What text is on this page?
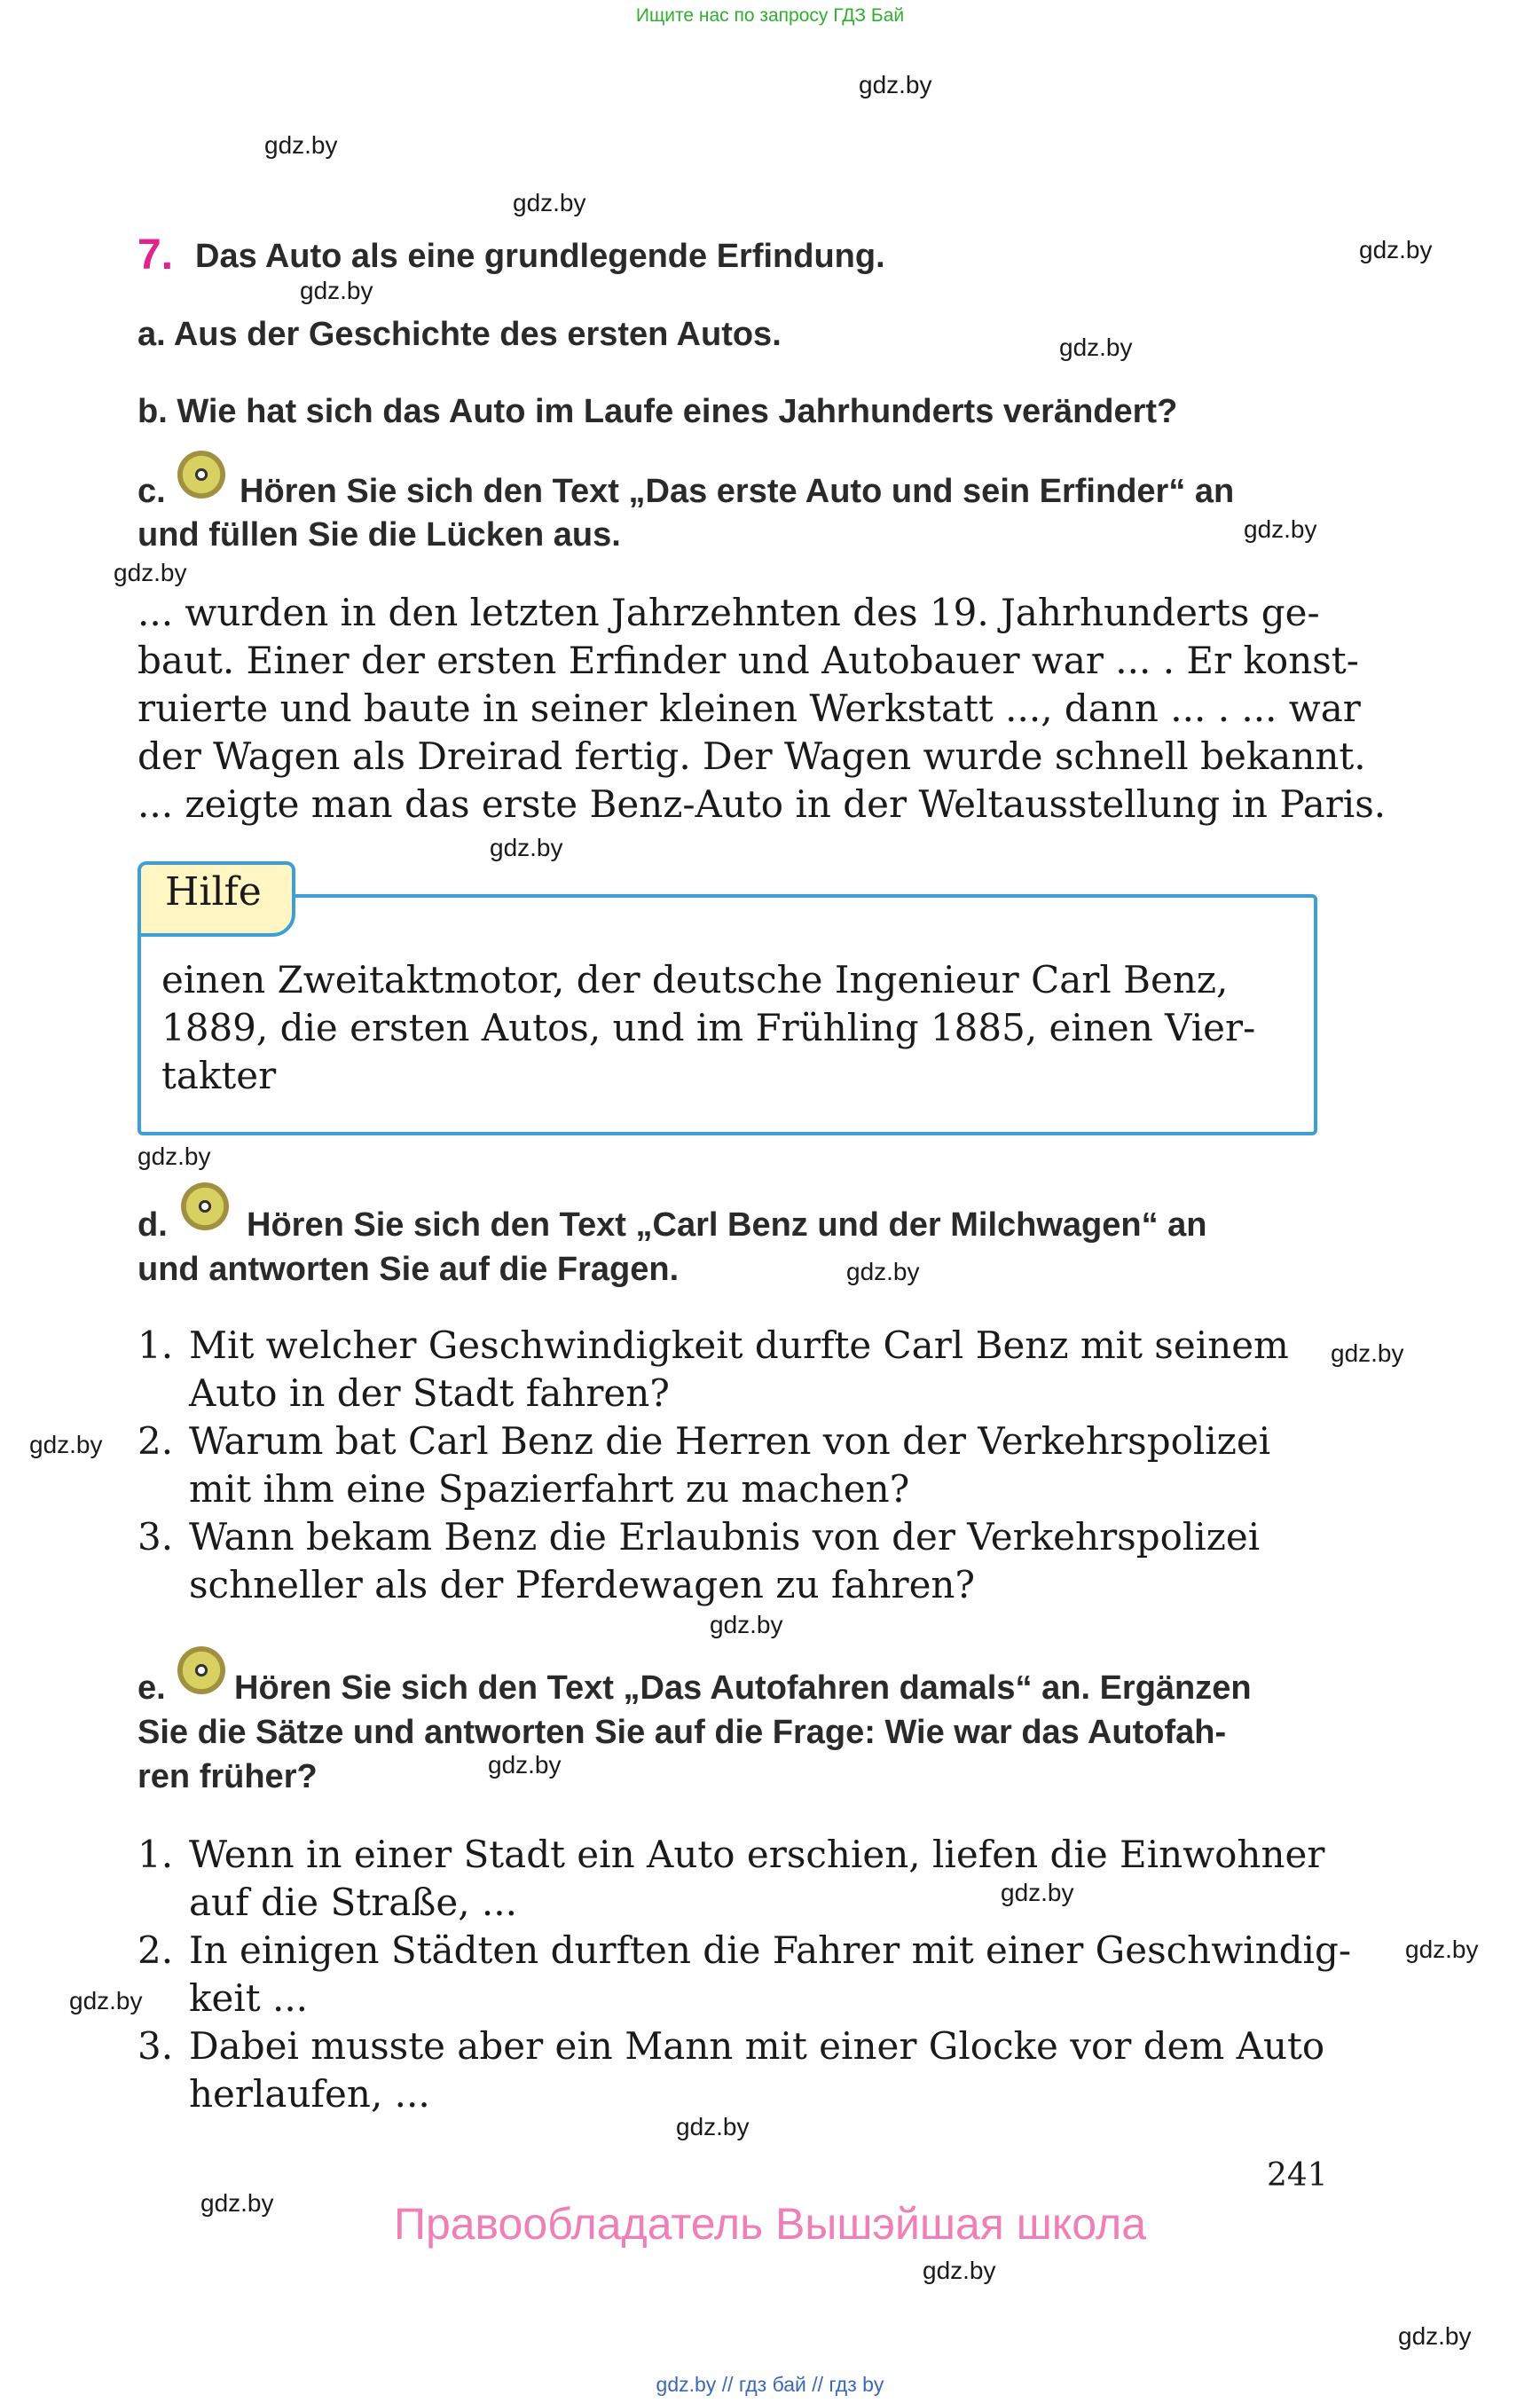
Ищите нас по запросу ГДЗ Бай
gdz.by
gdz.by
gdz.by
gdz.by
gdz.by
gdz.by
gdz.by
gdz.by
gdz.by
gdz.by
gdz.by
gdz.by
gdz.by
gdz.by
gdz.by
gdz.by
gdz.by
gdz.by
gdz.by
gdz.by
gdz.by
gdz.by
7. Das Auto als eine grundlegende Erfindung.
a. Aus der Geschichte des ersten Autos.
b. Wie hat sich das Auto im Laufe eines Jahrhunderts verändert?
c. Hören Sie sich den Text „Das erste Auto und sein Erfinder“ an
und füllen Sie die Lücken aus.
... wurden in den letzten Jahrzehnten des 19. Jahrhunderts ge-
baut. Einer der ersten Erfinder und Autobauer war ... . Er konst-
ruierte und baute in seiner kleinen Werkstatt ..., dann ... . ... war
der Wagen als Dreirad fertig. Der Wagen wurde schnell bekannt.
... zeigte man das erste Benz-Auto in der Weltausstellung in Paris.
Hilfe
einen Zweitaktmotor, der deutsche Ingenieur Carl Benz,
1889, die ersten Autos, und im Frühling 1885, einen Vier-
takter
d. Hören Sie sich den Text „Carl Benz und der Milchwagen“ an
und antworten Sie auf die Fragen.
1. Mit welcher Geschwindigkeit durfte Carl Benz mit seinem
Auto in der Stadt fahren?
2. Warum bat Carl Benz die Herren von der Verkehrspolizei
mit ihm eine Spazierfahrt zu machen?
3. Wann bekam Benz die Erlaubnis von der Verkehrspolizei
schneller als der Pferdewagen zu fahren?
e. Hören Sie sich den Text „Das Autofahren damals“ an. Ergänzen
Sie die Sätze und antworten Sie auf die Frage: Wie war das Autofah-
ren früher?
1. Wenn in einer Stadt ein Auto erschien, liefen die Einwohner
auf die Straße, ...
2. In einigen Städten durften die Fahrer mit einer Geschwindig-
keit ...
3. Dabei musste aber ein Mann mit einer Glocke vor dem Auto
herlaufen, ...
241
Правообладатель Вышэйшая школа
gdz.by // гдз бай // гдз by
